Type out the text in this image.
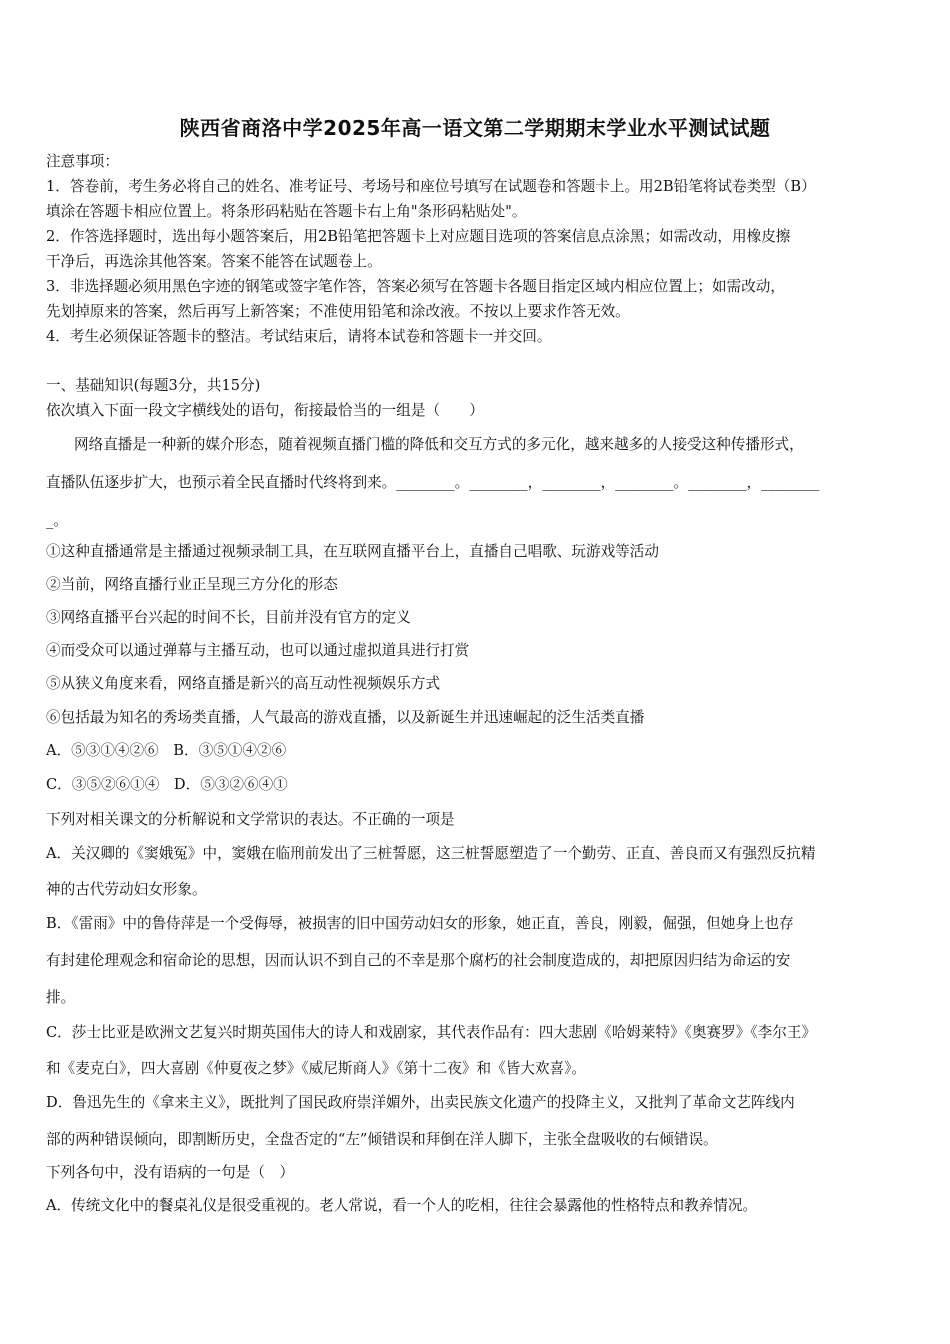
陕西省商洛中学2025年高一语文第二学期期末学业水平测试试题
注意事项：
1．答卷前，考生务必将自己的姓名、准考证号、考场号和座位号填写在试题卷和答题卡上。用2B铅笔将试卷类型（B）
填涂在答题卡相应位置上。将条形码粘贴在答题卡右上角"条形码粘贴处"。
2．作答选择题时，选出每小题答案后，用2B铅笔把答题卡上对应题目选项的答案信息点涂黑；如需改动，用橡皮擦
干净后，再选涂其他答案。答案不能答在试题卷上。
3．非选择题必须用黑色字迹的钢笔或签字笔作答，答案必须写在答题卡各题目指定区域内相应位置上；如需改动，
先划掉原来的答案，然后再写上新答案；不准使用铅笔和涂改液。不按以上要求作答无效。
4．考生必须保证答题卡的整洁。考试结束后，请将本试卷和答题卡一并交回。
一、基础知识(每题3分，共15分)
依次填入下面一段文字横线处的语句，衔接最恰当的一组是（　　）
网络直播是一种新的媒介形态，随着视频直播门槛的降低和交互方式的多元化，越来越多的人接受这种传播形式，
直播队伍逐步扩大，也预示着全民直播时代终将到来。________。________，________，________。________，________
_。
①这种直播通常是主播通过视频录制工具，在互联网直播平台上，直播自己唱歌、玩游戏等活动
②当前，网络直播行业正呈现三方分化的形态
③网络直播平台兴起的时间不长，目前并没有官方的定义
④而受众可以通过弹幕与主播互动，也可以通过虚拟道具进行打赏
⑤从狭义角度来看，网络直播是新兴的高互动性视频娱乐方式
⑥包括最为知名的秀场类直播，人气最高的游戏直播，以及新诞生并迅速崛起的泛生活类直播
A．⑤③①④②⑥　B．③⑤①④②⑥
C．③⑤②⑥①④　D．⑤③②⑥④①
下列对相关课文的分析解说和文学常识的表达。不正确的一项是
A．关汉卿的《窦娥冤》中，窦娥在临刑前发出了三桩誓愿，这三桩誓愿塑造了一个勤劳、正直、善良而又有强烈反抗精
神的古代劳动妇女形象。
B．《雷雨》中的鲁侍萍是一个受侮辱，被损害的旧中国劳动妇女的形象，她正直，善良，刚毅，倔强，但她身上也存
有封建伦理观念和宿命论的思想，因而认识不到自己的不幸是那个腐朽的社会制度造成的，却把原因归结为命运的安
排。
C．莎士比亚是欧洲文艺复兴时期英国伟大的诗人和戏剧家，其代表作品有：四大悲剧《哈姆莱特》《奥赛罗》《李尔王》
和《麦克白》，四大喜剧《仲夏夜之梦》《威尼斯商人》《第十二夜》和《皆大欢喜》。
D．鲁迅先生的《拿来主义》，既批判了国民政府崇洋媚外，出卖民族文化遗产的投降主义，又批判了革命文艺阵线内
部的两种错误倾向，即割断历史，全盘否定的“左”倾错误和拜倒在洋人脚下，主张全盘吸收的右倾错误。
下列各句中，没有语病的一句是（　）
A．传统文化中的餐桌礼仪是很受重视的。老人常说，看一个人的吃相，往往会暴露他的性格特点和教养情况。
